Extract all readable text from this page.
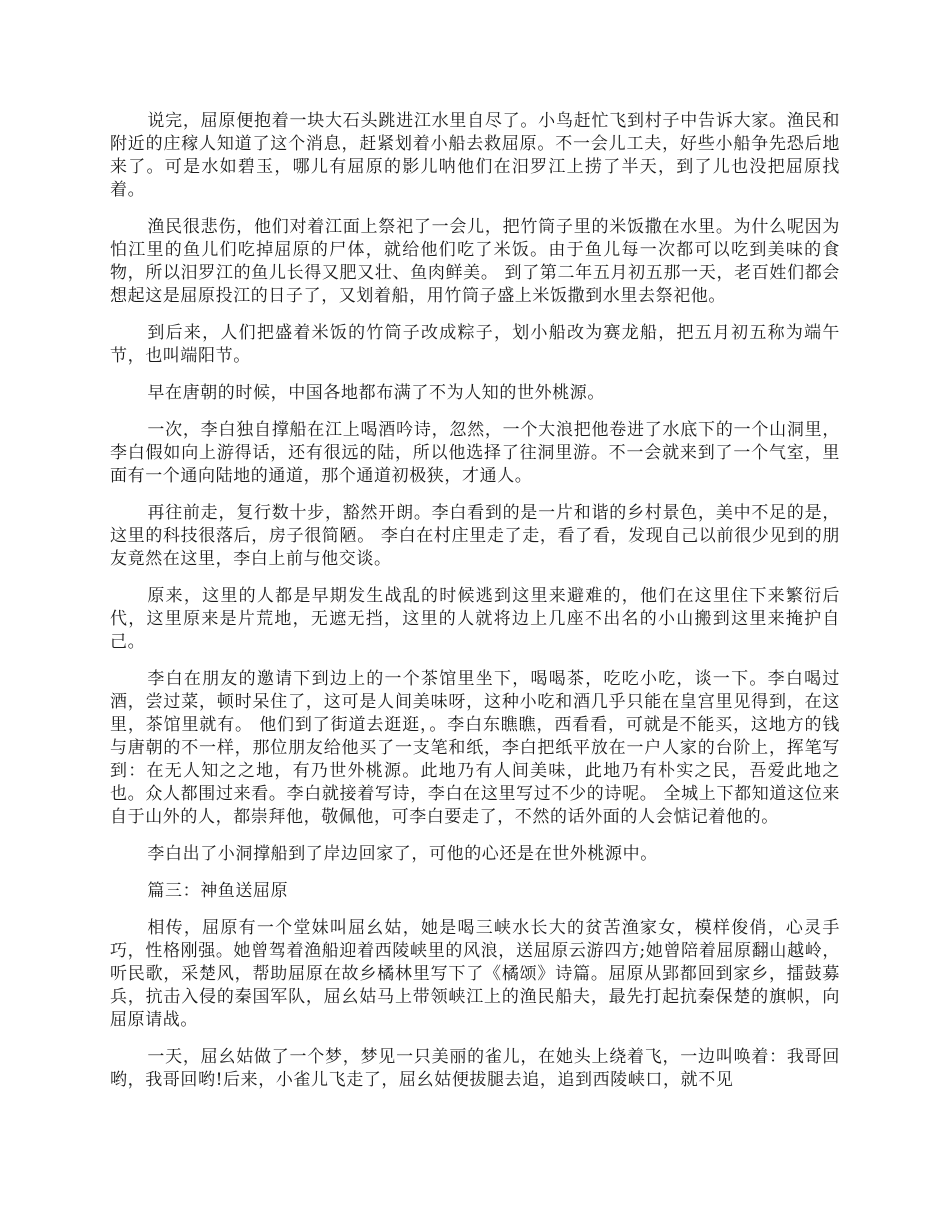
说完，屈原便抱着一块大石头跳进江水里自尽了。小鸟赶忙飞到村子中告诉大家。渔民和附近的庄稼人知道了这个消息，赶紧划着小船去救屈原。不一会儿工夫，好些小船争先恐后地来了。可是水如碧玉，哪儿有屈原的影儿呐他们在汨罗江上捞了半天，到了儿也没把屈原找着。

渔民很悲伤，他们对着江面上祭祀了一会儿，把竹筒子里的米饭撒在水里。为什么呢因为怕江里的鱼儿们吃掉屈原的尸体，就给他们吃了米饭。由于鱼儿每一次都可以吃到美味的食物，所以汨罗江的鱼儿长得又肥又壮、鱼肉鲜美。 到了第二年五月初五那一天，老百姓们都会想起这是屈原投江的日子了，又划着船，用竹筒子盛上米饭撒到水里去祭祀他。

到后来，人们把盛着米饭的竹筒子改成粽子，划小船改为赛龙船，把五月初五称为端午节，也叫端阳节。

早在唐朝的时候，中国各地都布满了不为人知的世外桃源。

一次，李白独自撑船在江上喝酒吟诗，忽然，一个大浪把他卷进了水底下的一个山洞里，李白假如向上游得话，还有很远的陆，所以他选择了往洞里游。不一会就来到了一个气室，里面有一个通向陆地的通道，那个通道初极狭，才通人。

再往前走，复行数十步，豁然开朗。李白看到的是一片和谐的乡村景色，美中不足的是，这里的科技很落后，房子很简陋。 李白在村庄里走了走，看了看，发现自己以前很少见到的朋友竟然在这里，李白上前与他交谈。

原来，这里的人都是早期发生战乱的时候逃到这里来避难的，他们在这里住下来繁衍后代，这里原来是片荒地，无遮无挡，这里的人就将边上几座不出名的小山搬到这里来掩护自己。

李白在朋友的邀请下到边上的一个茶馆里坐下，喝喝茶，吃吃小吃，谈一下。李白喝过酒，尝过菜，顿时呆住了，这可是人间美味呀，这种小吃和酒几乎只能在皇宫里见得到，在这里，茶馆里就有。 他们到了街道去逛逛，。李白东瞧瞧，西看看，可就是不能买，这地方的钱与唐朝的不一样，那位朋友给他买了一支笔和纸，李白把纸平放在一户人家的台阶上，挥笔写到：在无人知之之地，有乃世外桃源。此地乃有人间美味，此地乃有朴实之民，吾爱此地之也。众人都围过来看。李白就接着写诗，李白在这里写过不少的诗呢。 全城上下都知道这位来自于山外的人，都崇拜他，敬佩他，可李白要走了，不然的话外面的人会惦记着他的。

李白出了小洞撑船到了岸边回家了，可他的心还是在世外桃源中。

篇三：神鱼送屈原

相传，屈原有一个堂妹叫屈幺姑，她是喝三峡水长大的贫苦渔家女，模样俊俏，心灵手巧，性格刚强。她曾驾着渔船迎着西陵峡里的风浪，送屈原云游四方;她曾陪着屈原翻山越岭，听民歌，采楚风，帮助屈原在故乡橘林里写下了《橘颂》诗篇。屈原从郢都回到家乡，擂鼓募兵，抗击入侵的秦国军队，屈幺姑马上带领峡江上的渔民船夫，最先打起抗秦保楚的旗帜，向屈原请战。

一天，屈幺姑做了一个梦，梦见一只美丽的雀儿，在她头上绕着飞，一边叫唤着：我哥回哟，我哥回哟!后来，小雀儿飞走了，屈幺姑便拔腿去追，追到西陵峡口，就不见
